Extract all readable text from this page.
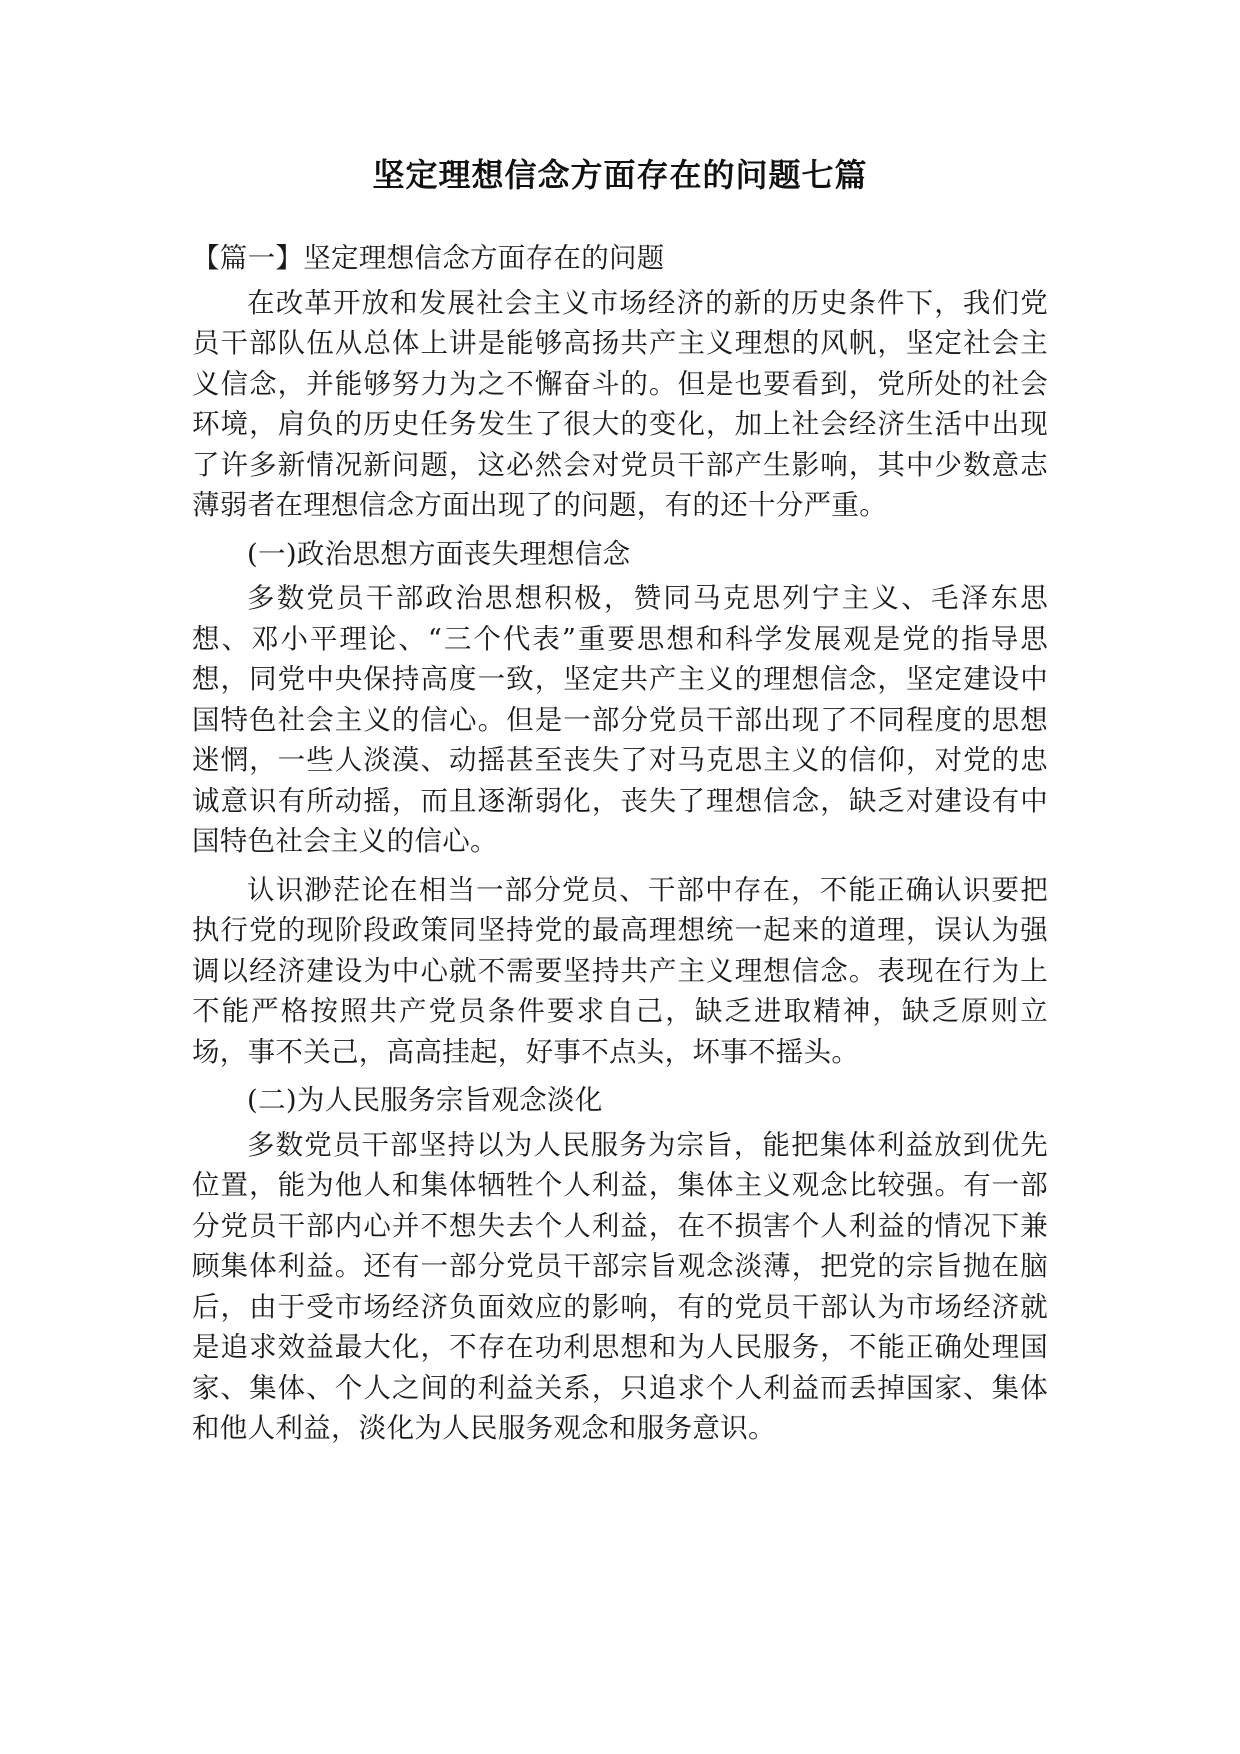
坚定理想信念方面存在的问题七篇

【篇一】坚定理想信念方面存在的问题

在改革开放和发展社会主义市场经济的新的历史条件下，我们党员干部队伍从总体上讲是能够高扬共产主义理想的风帆，坚定社会主义信念，并能够努力为之不懈奋斗的。但是也要看到，党所处的社会环境，肩负的历史任务发生了很大的变化，加上社会经济生活中出现了许多新情况新问题，这必然会对党员干部产生影响，其中少数意志薄弱者在理想信念方面出现了的问题，有的还十分严重。

(一)政治思想方面丧失理想信念

多数党员干部政治思想积极，赞同马克思列宁主义、毛泽东思想、邓小平理论、“三个代表”重要思想和科学发展观是党的指导思想，同党中央保持高度一致，坚定共产主义的理想信念，坚定建设中国特色社会主义的信心。但是一部分党员干部出现了不同程度的思想迷惘，一些人淡漠、动摇甚至丧失了对马克思主义的信仰，对党的忠诚意识有所动摇，而且逐渐弱化，丧失了理想信念，缺乏对建设有中国特色社会主义的信心。

认识渺茫论在相当一部分党员、干部中存在，不能正确认识要把执行党的现阶段政策同坚持党的最高理想统一起来的道理，误认为强调以经济建设为中心就不需要坚持共产主义理想信念。表现在行为上不能严格按照共产党员条件要求自己，缺乏进取精神，缺乏原则立场，事不关己，高高挂起，好事不点头，坏事不摇头。

(二)为人民服务宗旨观念淡化

多数党员干部坚持以为人民服务为宗旨，能把集体利益放到优先位置，能为他人和集体牺牲个人利益，集体主义观念比较强。有一部分党员干部内心并不想失去个人利益，在不损害个人利益的情况下兼顾集体利益。还有一部分党员干部宗旨观念淡薄，把党的宗旨抛在脑后，由于受市场经济负面效应的影响，有的党员干部认为市场经济就是追求效益最大化，不存在功利思想和为人民服务，不能正确处理国家、集体、个人之间的利益关系，只追求个人利益而丢掉国家、集体和他人利益，淡化为人民服务观念和服务意识。
